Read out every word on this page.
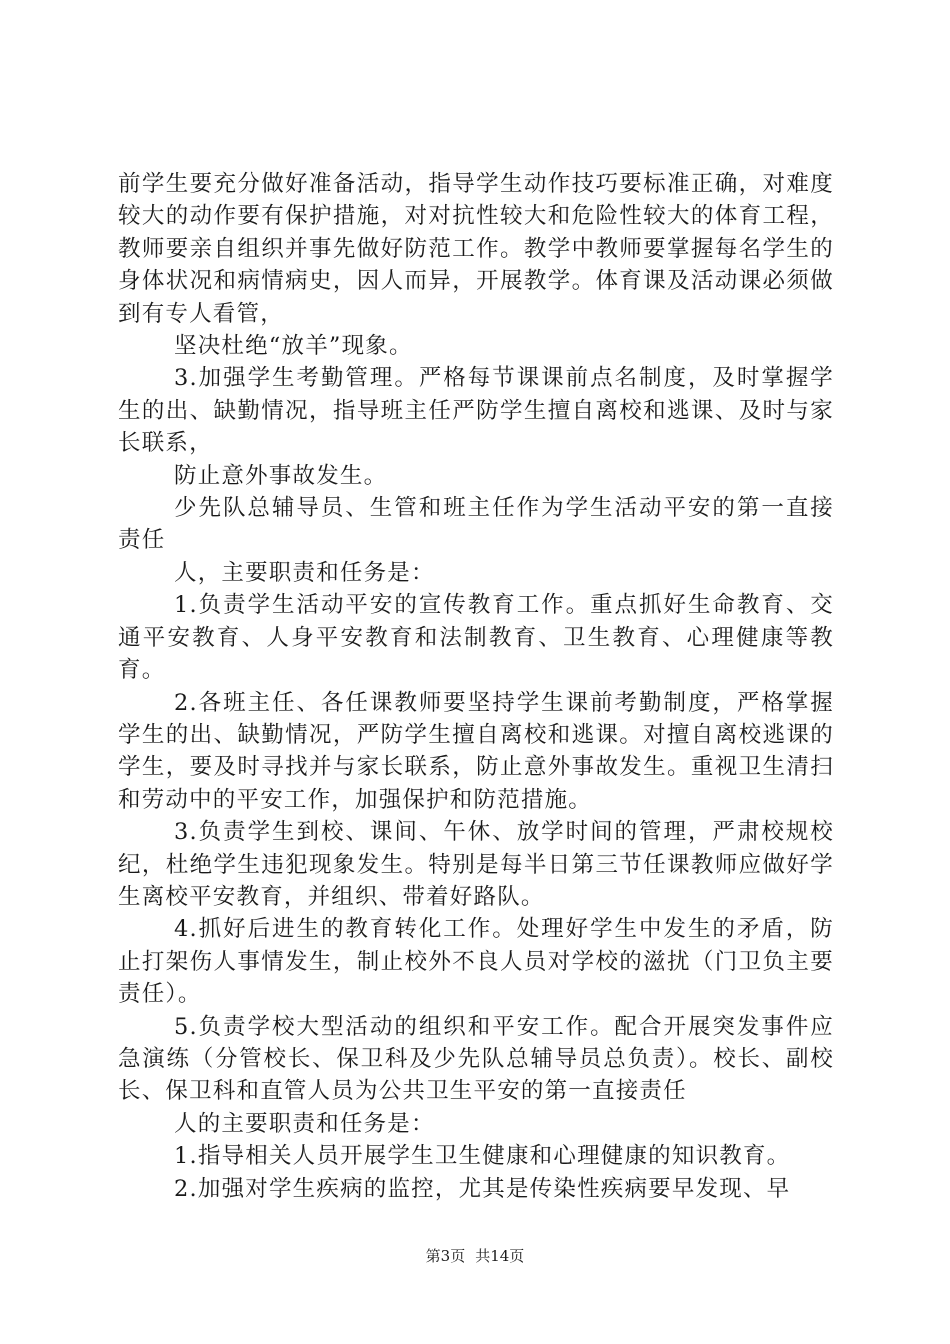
前学生要充分做好准备活动，指导学生动作技巧要标准正确，对难度较大的动作要有保护措施，对对抗性较大和危险性较大的体育工程，教师要亲自组织并事先做好防范工作。教学中教师要掌握每名学生的身体状况和病情病史，因人而异，开展教学。体育课及活动课必须做到有专人看管，

坚决杜绝“放羊”现象。

3.加强学生考勤管理。严格每节课课前点名制度，及时掌握学生的出、缺勤情况，指导班主任严防学生擅自离校和逃课、及时与家长联系，

防止意外事故发生。

少先队总辅导员、生管和班主任作为学生活动平安的第一直接责任

人，主要职责和任务是：

1.负责学生活动平安的宣传教育工作。重点抓好生命教育、交通平安教育、人身平安教育和法制教育、卫生教育、心理健康等教育。

2.各班主任、各任课教师要坚持学生课前考勤制度，严格掌握学生的出、缺勤情况，严防学生擅自离校和逃课。对擅自离校逃课的学生，要及时寻找并与家长联系，防止意外事故发生。重视卫生清扫和劳动中的平安工作，加强保护和防范措施。

3.负责学生到校、课间、午休、放学时间的管理，严肃校规校纪，杜绝学生违犯现象发生。特别是每半日第三节任课教师应做好学生离校平安教育，并组织、带着好路队。

4.抓好后进生的教育转化工作。处理好学生中发生的矛盾，防止打架伤人事情发生，制止校外不良人员对学校的滋扰（门卫负主要责任）。

5.负责学校大型活动的组织和平安工作。配合开展突发事件应急演练（分管校长、保卫科及少先队总辅导员总负责）。校长、副校长、保卫科和直管人员为公共卫生平安的第一直接责任

人的主要职责和任务是：

1.指导相关人员开展学生卫生健康和心理健康的知识教育。

2.加强对学生疾病的监控，尤其是传染性疾病要早发现、早

第3页 共14页
